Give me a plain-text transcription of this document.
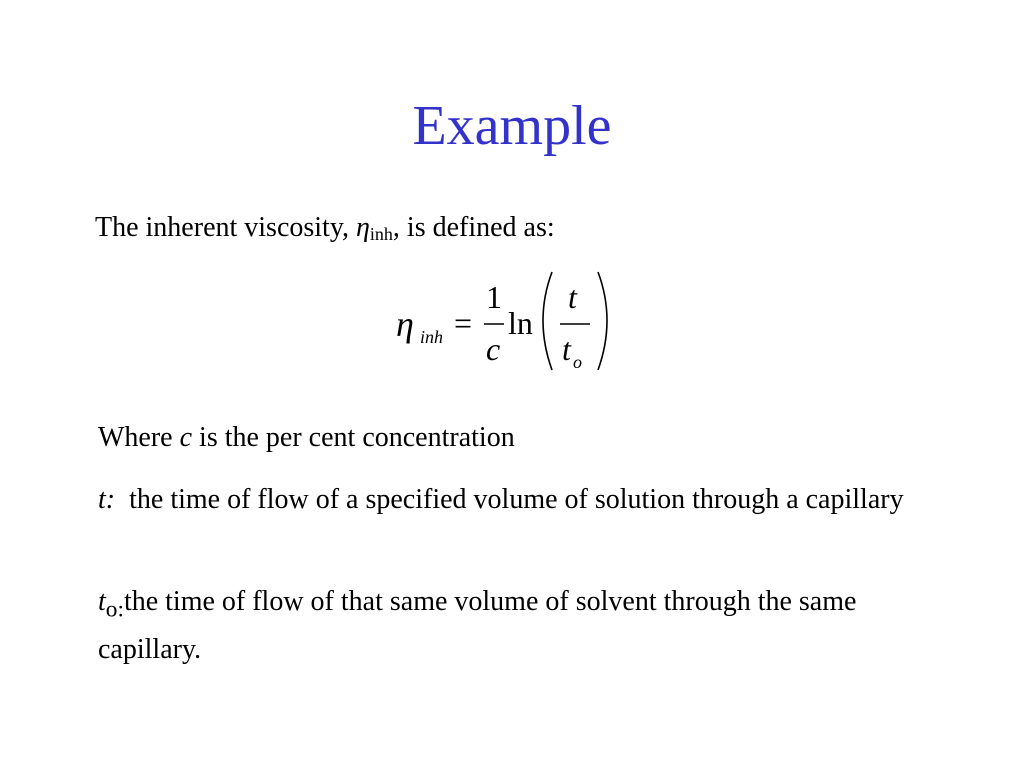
Example
The inherent viscosity, $\eta_{inh}$, is defined as:
η inh =
1
c
ln
t
t o
Where c is the per cent concentration
t:  the time of flow of a specified volume of solution through a capillary
$t_{o:}the$ time of flow of that same volume of solvent through the same capillary.
